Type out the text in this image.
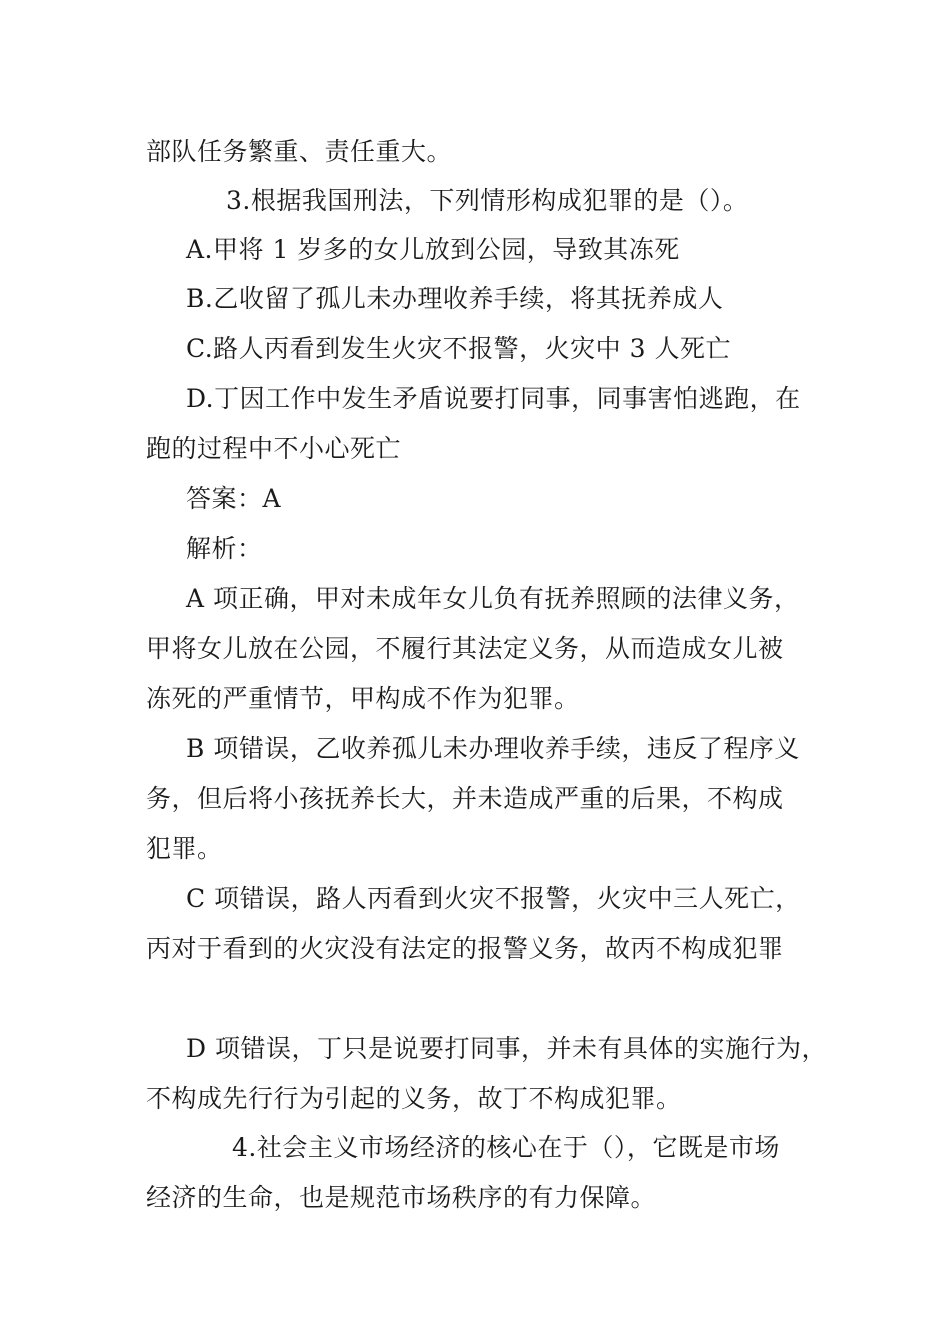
部队任务繁重、责任重大。
3.根据我国刑法，下列情形构成犯罪的是（）。
A.甲将 1 岁多的女儿放到公园，导致其冻死
B.乙收留了孤儿未办理收养手续，将其抚养成人
C.路人丙看到发生火灾不报警，火灾中 3 人死亡
D.丁因工作中发生矛盾说要打同事，同事害怕逃跑，在
跑的过程中不小心死亡
答案：A
解析：
A 项正确，甲对未成年女儿负有抚养照顾的法律义务，
甲将女儿放在公园，不履行其法定义务，从而造成女儿被
冻死的严重情节，甲构成不作为犯罪。
B 项错误，乙收养孤儿未办理收养手续，违反了程序义
务，但后将小孩抚养长大，并未造成严重的后果，不构成
犯罪。
C 项错误，路人丙看到火灾不报警，火灾中三人死亡，
丙对于看到的火灾没有法定的报警义务，故丙不构成犯罪
D 项错误，丁只是说要打同事，并未有具体的实施行为，
不构成先行行为引起的义务，故丁不构成犯罪。
4.社会主义市场经济的核心在于（），它既是市场
经济的生命，也是规范市场秩序的有力保障。
